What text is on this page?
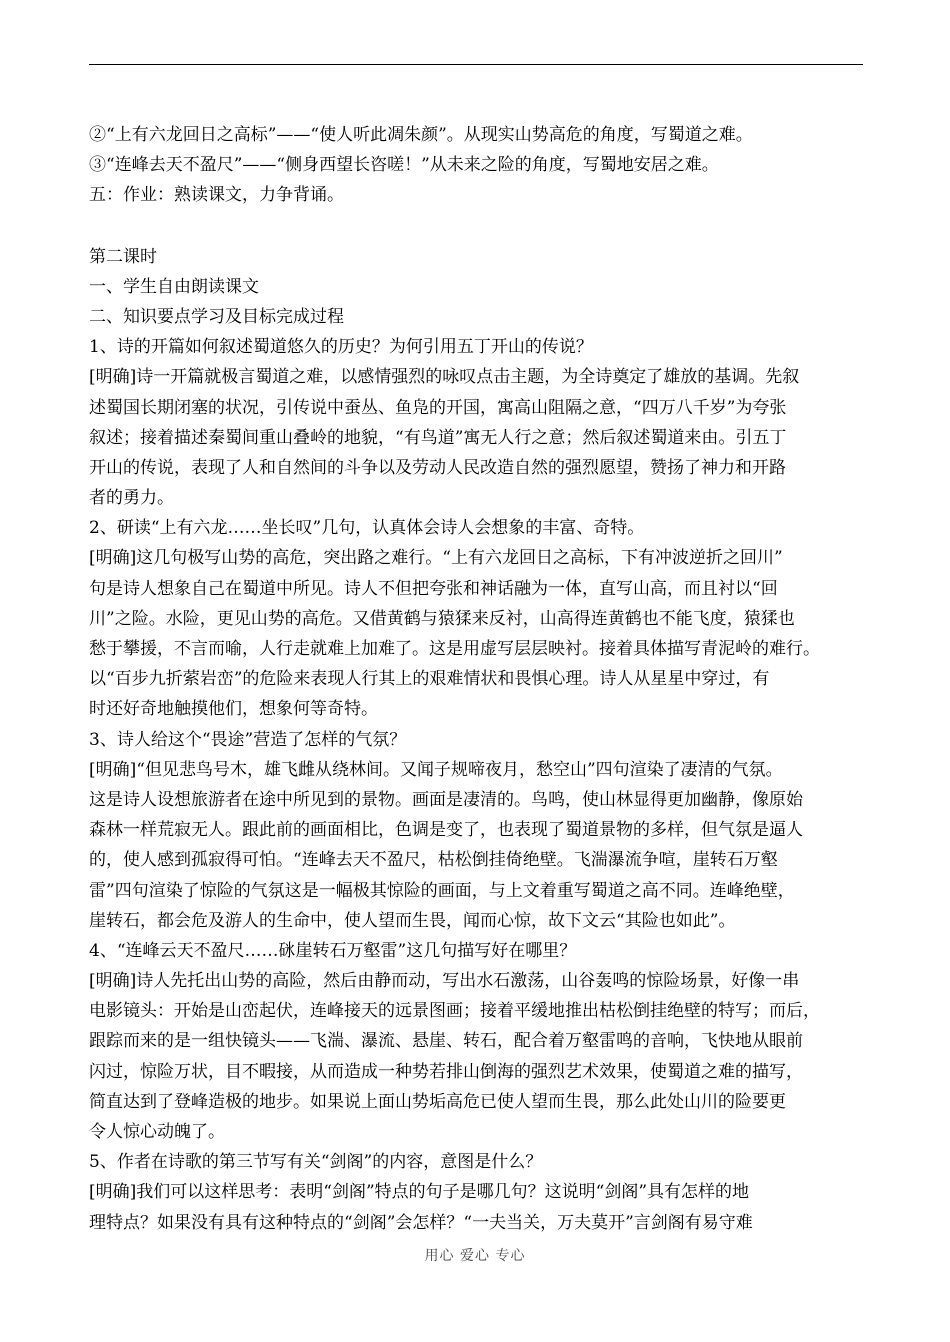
②“上有六龙回日之高标”——“使人听此凋朱颜”。从现实山势高危的角度，写蜀道之难。
③“连峰去天不盈尺”——“侧身西望长咨嗟！”从未来之险的角度，写蜀地安居之难。
五：作业：熟读课文，力争背诵。
第二课时
一、学生自由朗读课文
二、知识要点学习及目标完成过程
1、诗的开篇如何叙述蜀道悠久的历史？为何引用五丁开山的传说？
[明确]诗一开篇就极言蜀道之难，以感情强烈的咏叹点击主题，为全诗奠定了雄放的基调。先叙
述蜀国长期闭塞的状况，引传说中蚕丛、鱼凫的开国，寓高山阻隔之意，“四万八千岁”为夸张
叙述；接着描述秦蜀间重山叠岭的地貌，“有鸟道”寓无人行之意；然后叙述蜀道来由。引五丁
开山的传说，表现了人和自然间的斗争以及劳动人民改造自然的强烈愿望，赞扬了神力和开路
者的勇力。
2、研读“上有六龙……坐长叹”几句，认真体会诗人会想象的丰富、奇特。
[明确]这几句极写山势的高危，突出路之难行。“上有六龙回日之高标，下有冲波逆折之回川”
句是诗人想象自己在蜀道中所见。诗人不但把夸张和神话融为一体，直写山高，而且衬以“回
川”之险。水险，更见山势的高危。又借黄鹤与猿猱来反衬，山高得连黄鹤也不能飞度，猿猱也
愁于攀援，不言而喻，人行走就难上加难了。这是用虚写层层映衬。接着具体描写青泥岭的难行。
以“百步九折萦岩峦”的危险来表现人行其上的艰难情状和畏惧心理。诗人从星星中穿过，有
时还好奇地触摸他们，想象何等奇特。
3、诗人给这个“畏途”营造了怎样的气氛？
[明确]“但见悲鸟号木，雄飞雌从绕林间。又闻子规啼夜月，愁空山”四句渲染了凄清的气氛。
这是诗人设想旅游者在途中所见到的景物。画面是凄清的。鸟鸣，使山林显得更加幽静，像原始
森林一样荒寂无人。跟此前的画面相比，色调是变了，也表现了蜀道景物的多样，但气氛是逼人
的，使人感到孤寂得可怕。“连峰去天不盈尺，枯松倒挂倚绝壁。飞湍瀑流争喧，崖转石万壑
雷”四句渲染了惊险的气氛这是一幅极其惊险的画面，与上文着重写蜀道之高不同。连峰绝壁，
崖转石，都会危及游人的生命中，使人望而生畏，闻而心惊，故下文云“其险也如此”。
4、“连峰云天不盈尺……砯崖转石万壑雷”这几句描写好在哪里？
[明确]诗人先托出山势的高险，然后由静而动，写出水石激荡，山谷轰鸣的惊险场景，好像一串
电影镜头：开始是山峦起伏，连峰接天的远景图画；接着平缓地推出枯松倒挂绝壁的特写；而后，
跟踪而来的是一组快镜头——飞湍、瀑流、悬崖、转石，配合着万壑雷鸣的音响，飞快地从眼前
闪过，惊险万状，目不暇接，从而造成一种势若排山倒海的强烈艺术效果，使蜀道之难的描写，
简直达到了登峰造极的地步。如果说上面山势垢高危已使人望而生畏，那么此处山川的险要更
令人惊心动魄了。
5、作者在诗歌的第三节写有关“剑阁”的内容，意图是什么？
[明确]我们可以这样思考：表明“剑阁”特点的句子是哪几句？这说明“剑阁”具有怎样的地
理特点？如果没有具有这种特点的“剑阁”会怎样？“一夫当关，万夫莫开”言剑阁有易守难
用心 爱心 专心
